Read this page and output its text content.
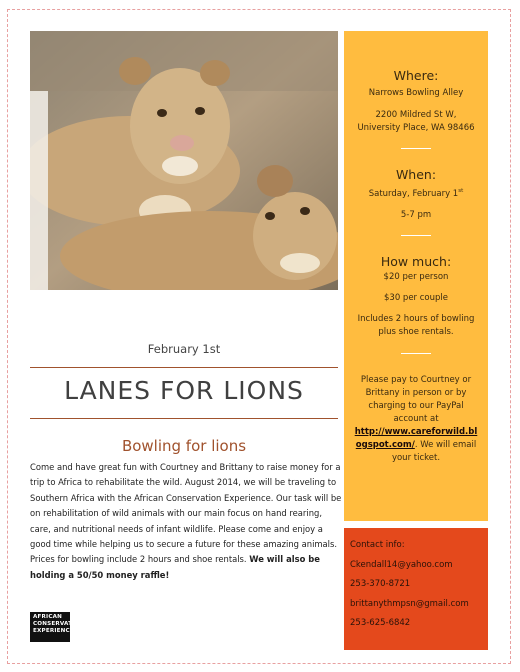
Where:

Narrows Bowling Alley

2200 Mildred St W,

University Place, WA 98466

When:

Saturday, February 1st

5-7 pm

How much:

$20 per person

$30 per couple

Includes 2 hours of bowling plus shoe rentals.

Please pay to Courtney or Brittany in person or by charging to our PayPal account at
http://www.careforwild.blogspot.com/. We will email your ticket.

Contact info:

Ckendall14@yahoo.com

253-370-8721

brittanythmpsn@gmail.com

253-625-6842

February 1st
LANES FOR LIONS
Bowling for lions
Come and have great fun with Courtney and Brittany to raise money for a trip to Africa to rehabilitate the wild. August 2014, we will be traveling to Southern Africa with the African Conservation Experience. Our task will be on rehabilitation of wild animals with our main focus on hand rearing, care, and nutritional needs of infant wildlife. Please come and enjoy a good time while helping us to secure a future for these amazing animals. Prices for bowling include 2 hours and shoe rentals. We will also be holding a 50/50 money raffle!
AFRICAN
CONSERVATION
EXPERIENCE
